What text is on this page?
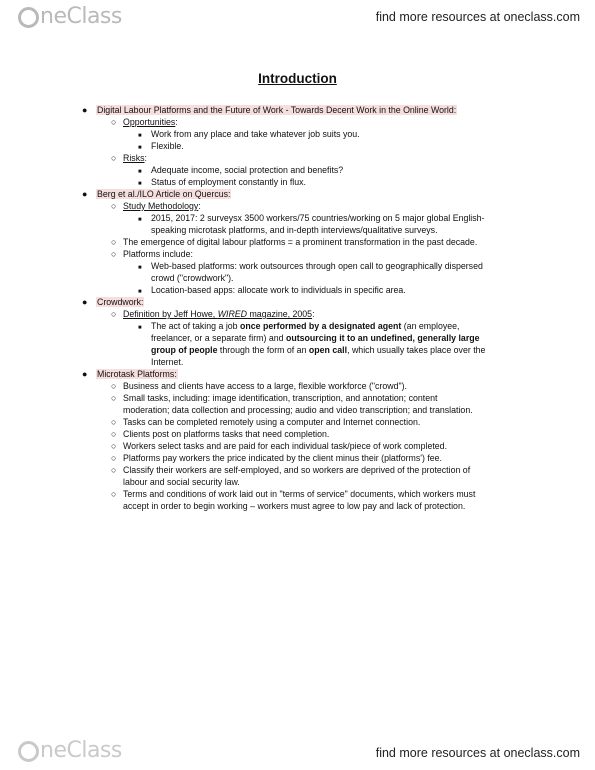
neClass	find more resources at oneclass.com
Introduction
● Digital Labour Platforms and the Future of Work - Towards Decent Work in the Online World:
○ Opportunities:
■ Work from any place and take whatever job suits you.
■ Flexible.
○ Risks:
■ Adequate income, social protection and benefits?
■ Status of employment constantly in flux.
● Berg et al./ILO Article on Quercus:
○ Study Methodology:
■ 2015, 2017: 2 surveysx 3500 workers/75 countries/working on 5 major global English-
speaking microtask platforms, and in-depth interviews/qualitative surveys.
○ The emergence of digital labour platforms = a prominent transformation in the past decade.
○ Platforms include:
■ Web-based platforms: work outsources through open call to geographically dispersed
crowd ("crowdwork").
■ Location-based apps: allocate work to individuals in specific area.
● Crowdwork:
○ Definition by Jeff Howe, WIRED magazine, 2005:
■ The act of taking a job once performed by a designated agent (an employee,
freelancer, or a separate firm) and outsourcing it to an undefined, generally large
group of people through the form of an open call, which usually takes place over the
Internet.
● Microtask Platforms:
○ Business and clients have access to a large, flexible workforce ("crowd").
○ Small tasks, including: image identification, transcription, and annotation; content
moderation; data collection and processing; audio and video transcription; and translation.
○ Tasks can be completed remotely using a computer and Internet connection.
○ Clients post on platforms tasks that need completion.
○ Workers select tasks and are paid for each individual task/piece of work completed.
○ Platforms pay workers the price indicated by the client minus their (platforms') fee.
○ Classify their workers are self-employed, and so workers are deprived of the protection of
labour and social security law.
○ Terms and conditions of work laid out in "terms of service" documents, which workers must
accept in order to begin working – workers must agree to low pay and lack of protection.
neClass	find more resources at oneclass.com
